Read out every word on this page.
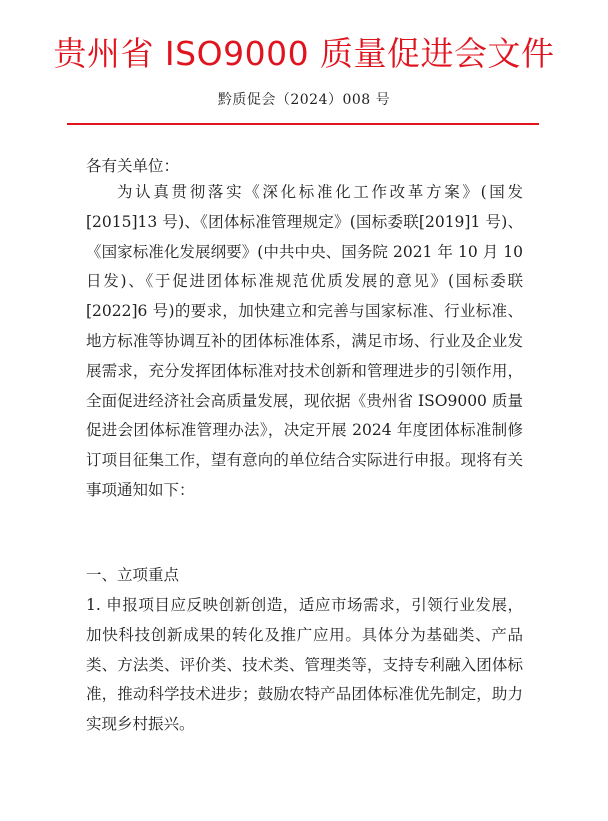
贵州省 ISO9000 质量促进会文件
黔质促会（2024）008 号
各有关单位：

为认真贯彻落实《深化标准化工作改革方案》(国发[2015]13 号)、《团体标准管理规定》(国标委联[2019]1 号)、《国家标准化发展纲要》(中共中央、国务院 2021 年 10 月 10 日发)、《于促进团体标准规范优质发展的意见》(国标委联[2022]6 号)的要求，加快建立和完善与国家标准、行业标准、地方标准等协调互补的团体标准体系，满足市场、行业及企业发展需求，充分发挥团体标准对技术创新和管理进步的引领作用，全面促进经济社会高质量发展，现依据《贵州省 ISO9000 质量促进会团体标准管理办法》，决定开展 2024 年度团体标准制修订项目征集工作，望有意向的单位结合实际进行申报。现将有关事项通知如下：

一、立项重点

1. 申报项目应反映创新创造，适应市场需求，引领行业发展，加快科技创新成果的转化及推广应用。具体分为基础类、产品类、方法类、评价类、技术类、管理类等，支持专利融入团体标准，推动科学技术进步；鼓励农特产品团体标准优先制定，助力实现乡村振兴。
